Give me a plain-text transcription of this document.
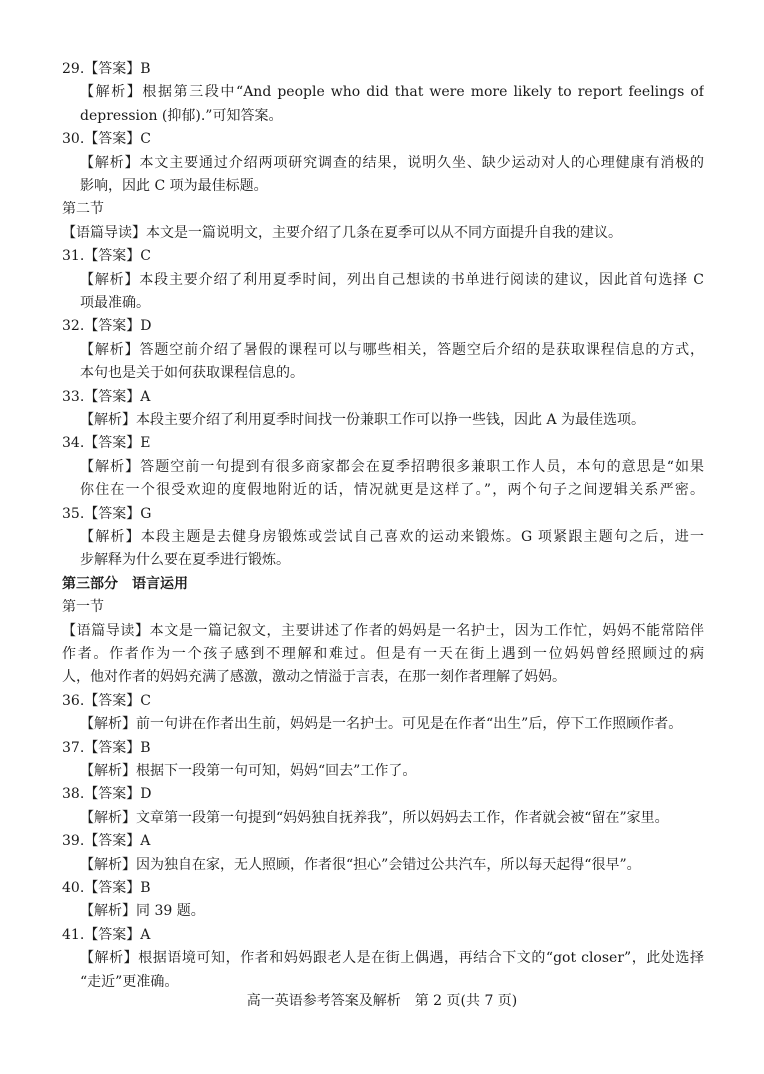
29.【答案】B
【解析】根据第三段中“And people who did that were more likely to report feelings of
depression (抑郁).”可知答案。
30.【答案】C
【解析】本文主要通过介绍两项研究调查的结果，说明久坐、缺少运动对人的心理健康有消极的
影响，因此 C 项为最佳标题。
第二节
【语篇导读】本文是一篇说明文，主要介绍了几条在夏季可以从不同方面提升自我的建议。
31.【答案】C
【解析】本段主要介绍了利用夏季时间，列出自己想读的书单进行阅读的建议，因此首句选择 C
项最准确。
32.【答案】D
【解析】答题空前介绍了暑假的课程可以与哪些相关，答题空后介绍的是获取课程信息的方式，
本句也是关于如何获取课程信息的。
33.【答案】A
【解析】本段主要介绍了利用夏季时间找一份兼职工作可以挣一些钱，因此 A 为最佳选项。
34.【答案】E
【解析】答题空前一句提到有很多商家都会在夏季招聘很多兼职工作人员，本句的意思是“如果
你住在一个很受欢迎的度假地附近的话，情况就更是这样了。”，两个句子之间逻辑关系严密。
35.【答案】G
【解析】本段主题是去健身房锻炼或尝试自己喜欢的运动来锻炼。G 项紧跟主题句之后，进一
步解释为什么要在夏季进行锻炼。
第三部分　语言运用
第一节
【语篇导读】本文是一篇记叙文，主要讲述了作者的妈妈是一名护士，因为工作忙，妈妈不能常陪伴
作者。作者作为一个孩子感到不理解和难过。但是有一天在街上遇到一位妈妈曾经照顾过的病
人，他对作者的妈妈充满了感激，激动之情溢于言表，在那一刻作者理解了妈妈。
36.【答案】C
【解析】前一句讲在作者出生前，妈妈是一名护士。可见是在作者“出生”后，停下工作照顾作者。
37.【答案】B
【解析】根据下一段第一句可知，妈妈“回去”工作了。
38.【答案】D
【解析】文章第一段第一句提到“妈妈独自抚养我”，所以妈妈去工作，作者就会被“留在”家里。
39.【答案】A
【解析】因为独自在家，无人照顾，作者很“担心”会错过公共汽车，所以每天起得“很早”。
40.【答案】B
【解析】同 39 题。
41.【答案】A
【解析】根据语境可知，作者和妈妈跟老人是在街上偶遇，再结合下文的“got closer”，此处选择
“走近”更准确。
高一英语参考答案及解析　第 2 页(共 7 页)
